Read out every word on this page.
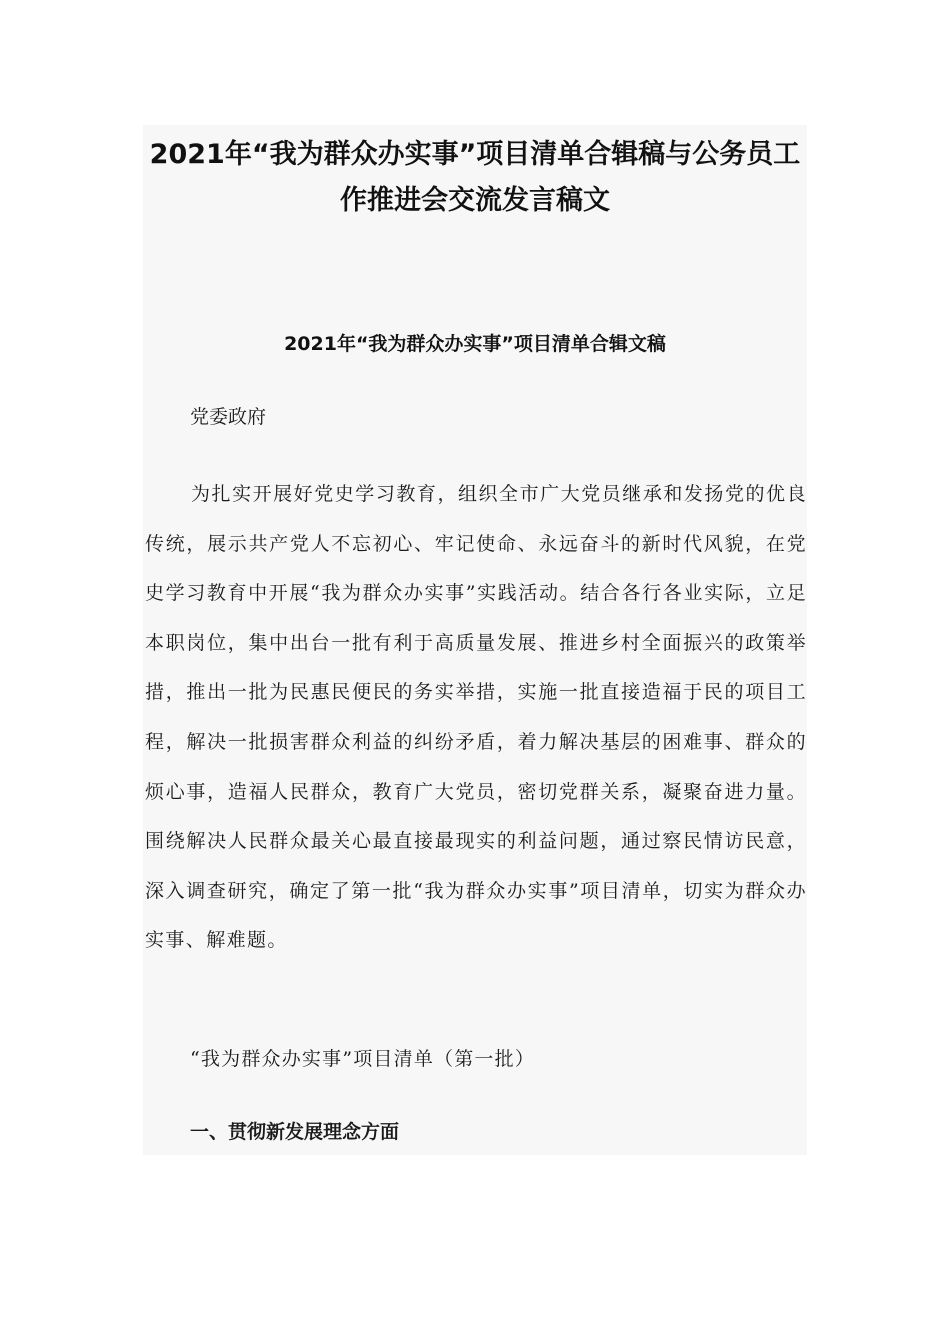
2021年“我为群众办实事”项目清单合辑稿与公务员工作推进会交流发言稿文
2021年“我为群众办实事”项目清单合辑文稿

党委政府

为扎实开展好党史学习教育，组织全市广大党员继承和发扬党的优良传统，展示共产党人不忘初心、牢记使命、永远奋斗的新时代风貌，在党史学习教育中开展“我为群众办实事”实践活动。结合各行各业实际，立足本职岗位，集中出台一批有利于高质量发展、推进乡村全面振兴的政策举措，推出一批为民惠民便民的务实举措，实施一批直接造福于民的项目工程，解决一批损害群众利益的纠纷矛盾，着力解决基层的困难事、群众的烦心事，造福人民群众，教育广大党员，密切党群关系，凝聚奋进力量。围绕解决人民群众最关心最直接最现实的利益问题，通过察民情访民意，深入调查研究，确定了第一批“我为群众办实事”项目清单，切实为群众办实事、解难题。

“我为群众办实事”项目清单（第一批）

一、贯彻新发展理念方面
